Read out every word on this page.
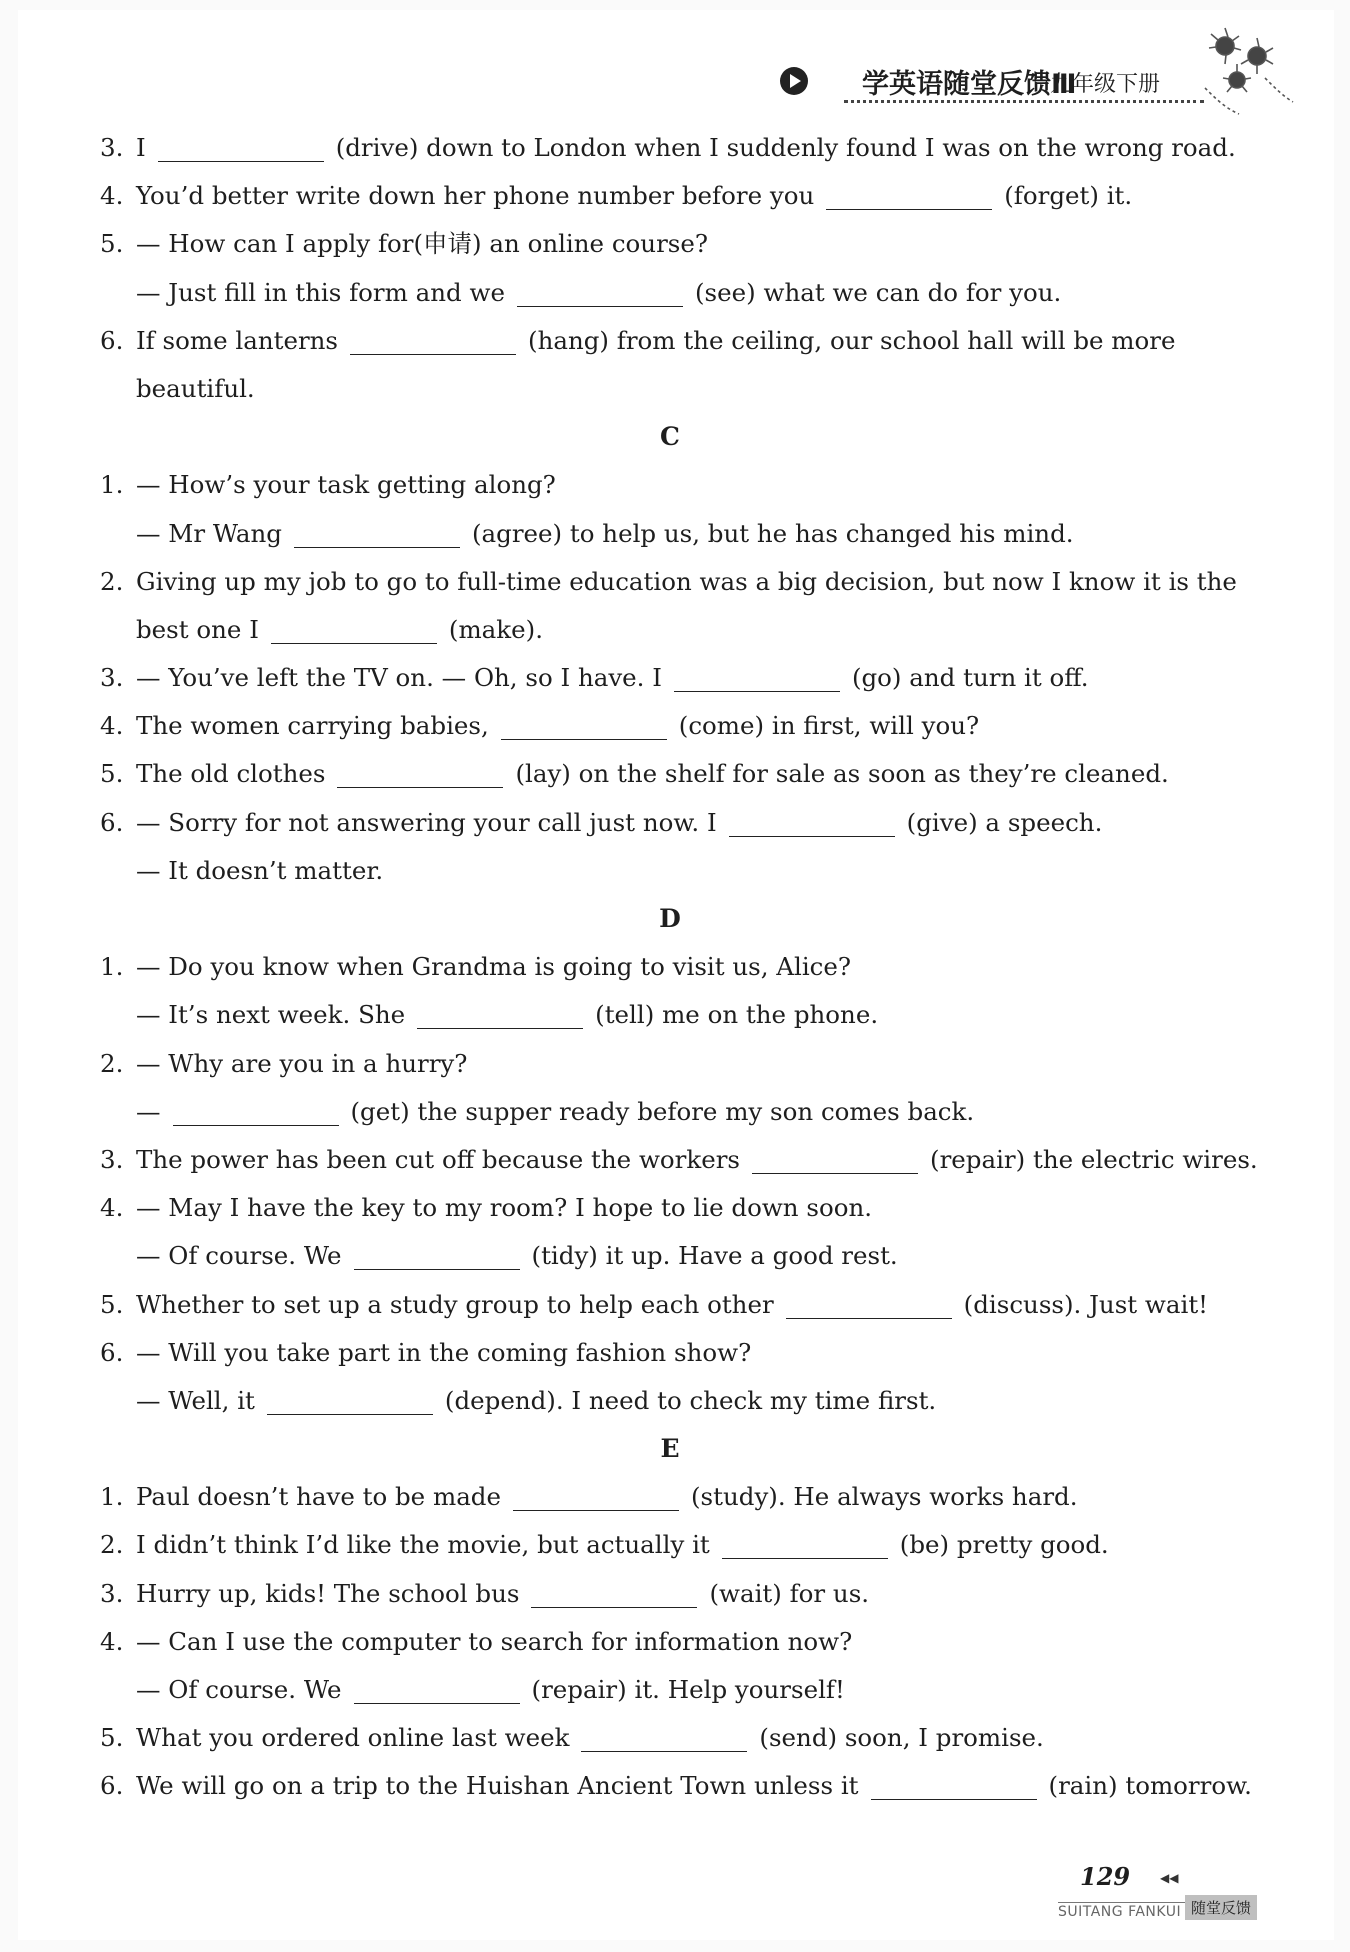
学英语随堂反馈Ⅲ
九年级下册
3. I	(drive) down to London when I suddenly found I was on the wrong road.
4. You’d better write down her phone number before you	(forget) it.
5. — How can I apply for(申请) an online course?
— Just fill in this form and we	(see) what we can do for you.
6. If some lanterns	(hang) from the ceiling, our school hall will be more
beautiful.
C
1. — How’s your task getting along?
— Mr Wang	(agree) to help us, but he has changed his mind.
2. Giving up my job to go to full-time education was a big decision, but now I know it is the
best one I	(make).
3. — You’ve left the TV on. — Oh, so I have. I	(go) and turn it off.
4. The women carrying babies,	(come) in first, will you?
5. The old clothes	(lay) on the shelf for sale as soon as they’re cleaned.
6. — Sorry for not answering your call just now. I	(give) a speech.
— It doesn’t matter.
D
1. — Do you know when Grandma is going to visit us, Alice?
— It’s next week. She	(tell) me on the phone.
2. — Why are you in a hurry?
—	(get) the supper ready before my son comes back.
3. The power has been cut off because the workers	(repair) the electric wires.
4. — May I have the key to my room? I hope to lie down soon.
— Of course. We	(tidy) it up. Have a good rest.
5. Whether to set up a study group to help each other	(discuss). Just wait!
6. — Will you take part in the coming fashion show?
— Well, it	(depend). I need to check my time first.
E
1. Paul doesn’t have to be made	(study). He always works hard.
2. I didn’t think I’d like the movie, but actually it	(be) pretty good.
3. Hurry up, kids! The school bus	(wait) for us.
4. — Can I use the computer to search for information now?
— Of course. We	(repair) it. Help yourself!
5. What you ordered online last week	(send) soon, I promise.
6. We will go on a trip to the Huishan Ancient Town unless it	(rain) tomorrow.
129 ◀◀
SUITANG FANKUI 随堂反馈
